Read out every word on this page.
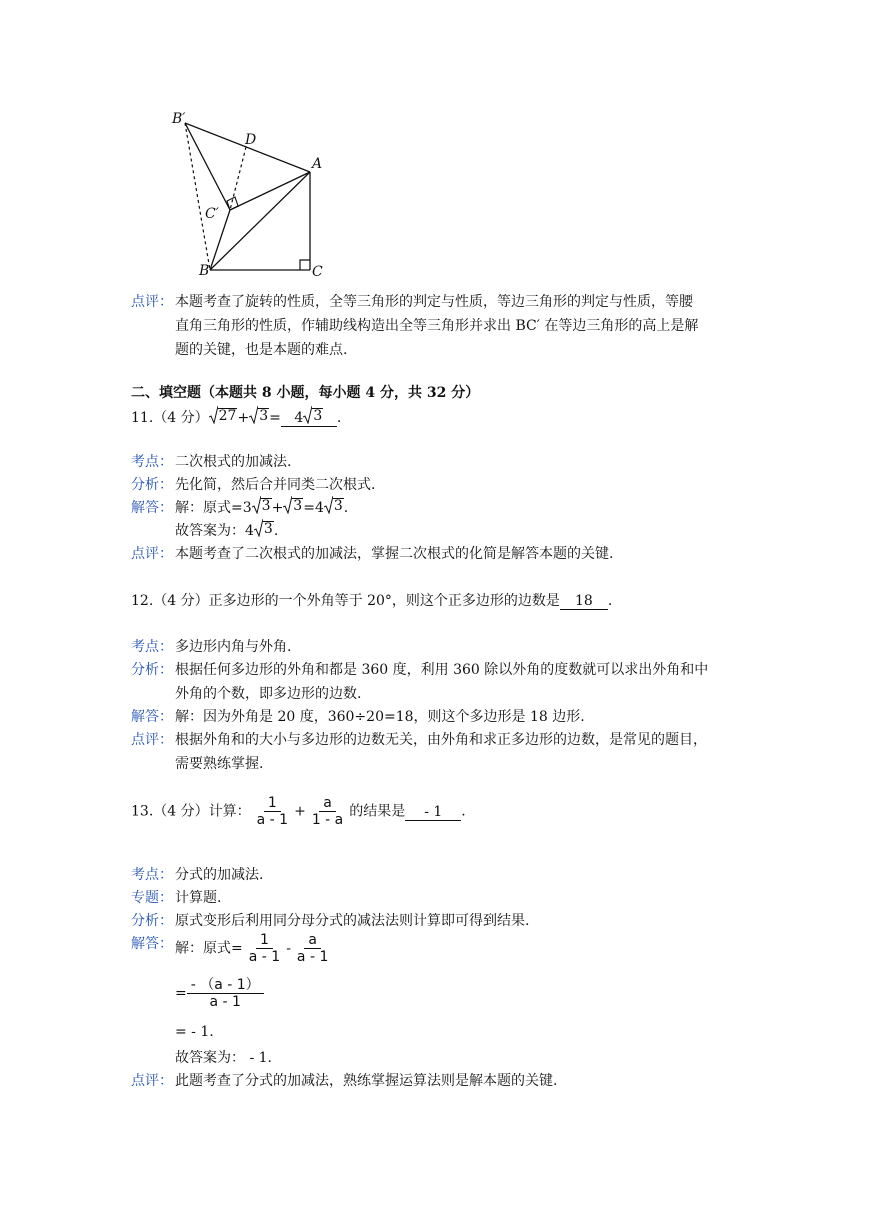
B′
D
A
C′
B	C
点评： 本题考查了旋转的性质，全等三角形的判定与性质，等边三角形的判定与性质，等腰
直角三角形的性质，作辅助线构造出全等三角形并求出 BC′ 在等边三角形的高上是解
题的关键，也是本题的难点.
二、填空题（本题共 8 小题，每小题 4 分，共 32 分）
11.（4 分） 27 + 3 = 4 3 .
考点： 二次根式的加减法.
分析： 先化简，然后合并同类二次根式.
解答： 解：原式=3 3 + 3 =4 3 .
故答案为：4 3 .
点评： 本题考查了二次根式的加减法，掌握二次根式的化简是解答本题的关键.
12.（4 分）正多边形的一个外角等于 20°，则这个正多边形的边数是 18 .
考点： 多边形内角与外角.
分析： 根据任何多边形的外角和都是 360 度，利用 360 除以外角的度数就可以求出外角和中
外角的个数，即多边形的边数.
解答： 解：因为外角是 20 度，360÷20=18，则这个多边形是 18 边形.
点评： 根据外角和的大小与多边形的边数无关，由外角和求正多边形的边数，是常见的题目，
需要熟练掌握.
13.（4 分）计算： $\frac{1}{a - 1} + \frac{a}{1 - a}$ 的结果是 - 1 .
考点： 分式的加减法.
专题： 计算题.
分析： 原式变形后利用同分母分式的减法法则计算即可得到结果.
解答： 解：原式= $\frac{1}{a - 1} - \frac{a}{a - 1}$
= $\frac{- (a - 1)}{a - 1}$
= - 1.
故答案为： - 1.
点评： 此题考查了分式的加减法，熟练掌握运算法则是解本题的关键.
